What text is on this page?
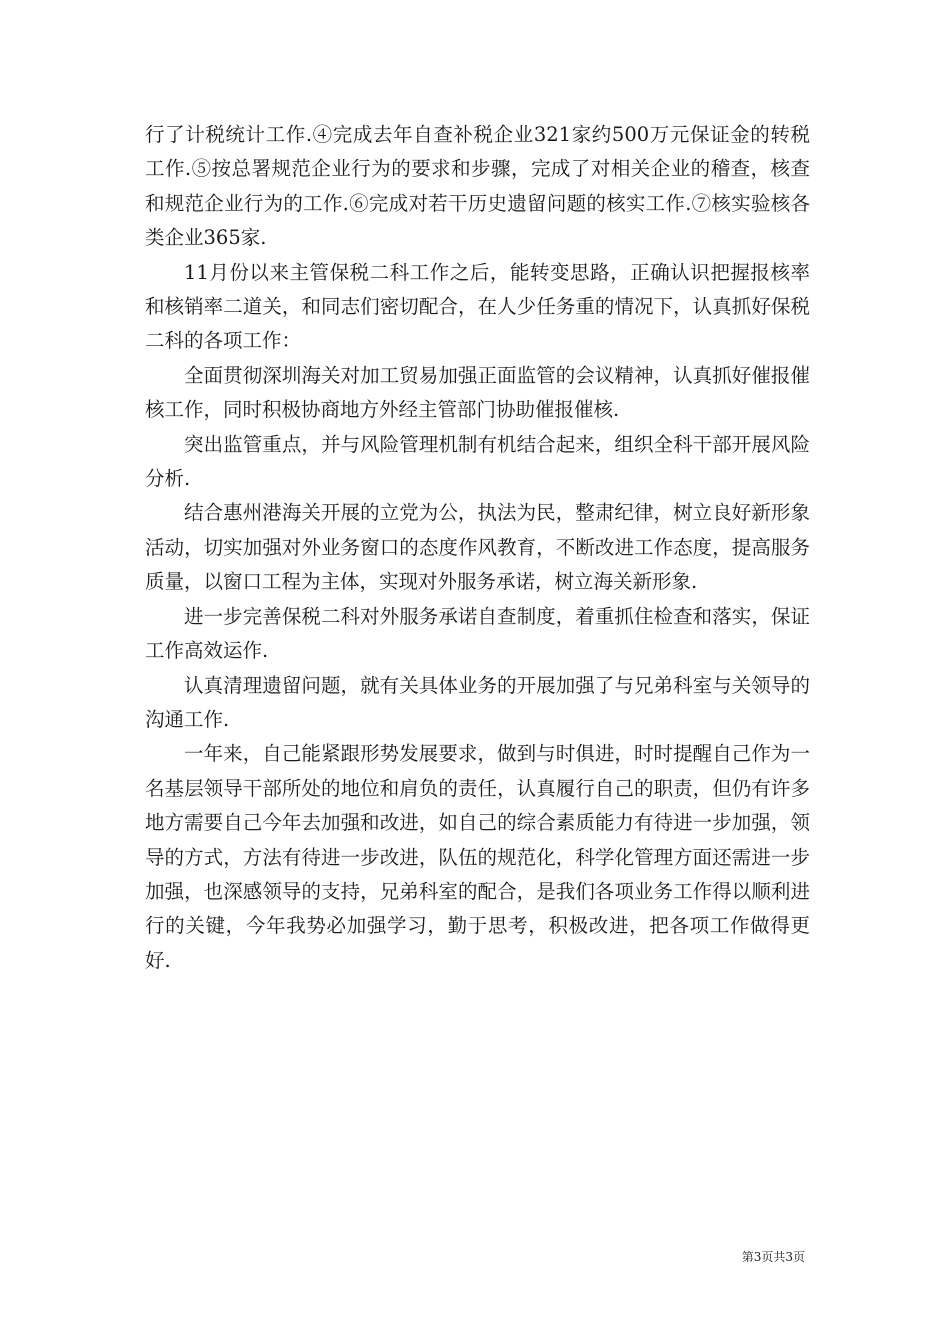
行了计税统计工作.④完成去年自查补税企业321家约500万元保证金的转税工作.⑤按总署规范企业行为的要求和步骤，完成了对相关企业的稽查，核查和规范企业行为的工作.⑥完成对若干历史遗留问题的核实工作.⑦核实验核各类企业365家.

11月份以来主管保税二科工作之后，能转变思路，正确认识把握报核率和核销率二道关，和同志们密切配合，在人少任务重的情况下，认真抓好保税二科的各项工作：

全面贯彻深圳海关对加工贸易加强正面监管的会议精神，认真抓好催报催核工作，同时积极协商地方外经主管部门协助催报催核.

突出监管重点，并与风险管理机制有机结合起来，组织全科干部开展风险分析.

结合惠州港海关开展的立党为公，执法为民，整肃纪律，树立良好新形象活动，切实加强对外业务窗口的态度作风教育，不断改进工作态度，提高服务质量，以窗口工程为主体，实现对外服务承诺，树立海关新形象.

进一步完善保税二科对外服务承诺自查制度，着重抓住检查和落实，保证工作高效运作.

认真清理遗留问题，就有关具体业务的开展加强了与兄弟科室与关领导的沟通工作.

一年来，自己能紧跟形势发展要求，做到与时俱进，时时提醒自己作为一名基层领导干部所处的地位和肩负的责任，认真履行自己的职责，但仍有许多地方需要自己今年去加强和改进，如自己的综合素质能力有待进一步加强，领导的方式，方法有待进一步改进，队伍的规范化，科学化管理方面还需进一步加强，也深感领导的支持，兄弟科室的配合，是我们各项业务工作得以顺利进行的关键，今年我势必加强学习，勤于思考，积极改进，把各项工作做得更好.

第3页共3页
